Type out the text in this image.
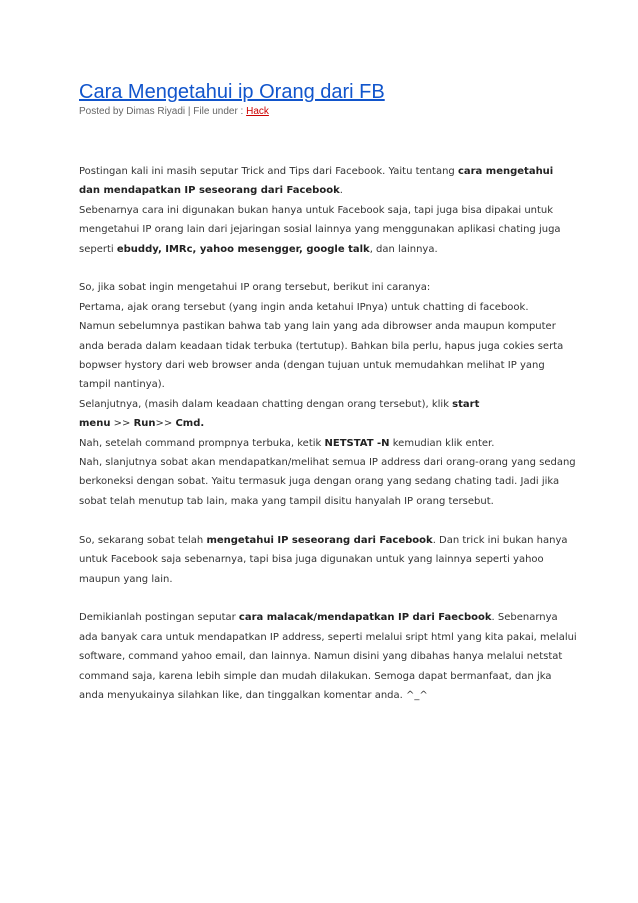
Cara Mengetahui ip Orang dari FB
Posted by Dimas Riyadi | File under : Hack

Postingan kali ini masih seputar Trick and Tips dari Facebook. Yaitu tentang cara mengetahui

dan mendapatkan IP seseorang dari Facebook.

Sebenarnya cara ini digunakan bukan hanya untuk Facebook saja, tapi juga bisa dipakai untuk

mengetahui IP orang lain dari jejaringan sosial lainnya yang menggunakan aplikasi chating juga

seperti ebuddy, IMRc, yahoo mesengger, google talk, dan lainnya.

So, jika sobat ingin mengetahui IP orang tersebut, berikut ini caranya:

Pertama, ajak orang tersebut (yang ingin anda ketahui IPnya) untuk chatting di facebook.

Namun sebelumnya pastikan bahwa tab yang lain yang ada dibrowser anda maupun komputer

anda berada dalam keadaan tidak terbuka (tertutup). Bahkan bila perlu, hapus juga cokies serta

bopwser hystory dari web browser anda (dengan tujuan untuk memudahkan melihat IP yang

tampil nantinya).

Selanjutnya, (masih dalam keadaan chatting dengan orang tersebut), klik start

menu >> Run>> Cmd.

Nah, setelah command prompnya terbuka, ketik NETSTAT -N kemudian klik enter.

Nah, slanjutnya sobat akan mendapatkan/melihat semua IP address dari orang-orang yang sedang

berkoneksi dengan sobat. Yaitu termasuk juga dengan orang yang sedang chating tadi. Jadi jika

sobat telah menutup tab lain, maka yang tampil disitu hanyalah IP orang tersebut.

So, sekarang sobat telah mengetahui IP seseorang dari Facebook. Dan trick ini bukan hanya

untuk Facebook saja sebenarnya, tapi bisa juga digunakan untuk yang lainnya seperti yahoo

maupun yang lain.

Demikianlah postingan seputar cara malacak/mendapatkan IP dari Faecbook. Sebenarnya

ada banyak cara untuk mendapatkan IP address, seperti melalui sript html yang kita pakai, melalui

software, command yahoo email, dan lainnya. Namun disini yang dibahas hanya melalui netstat

command saja, karena lebih simple dan mudah dilakukan. Semoga dapat bermanfaat, dan jka

anda menyukainya silahkan like, dan tinggalkan komentar anda. ^_^
